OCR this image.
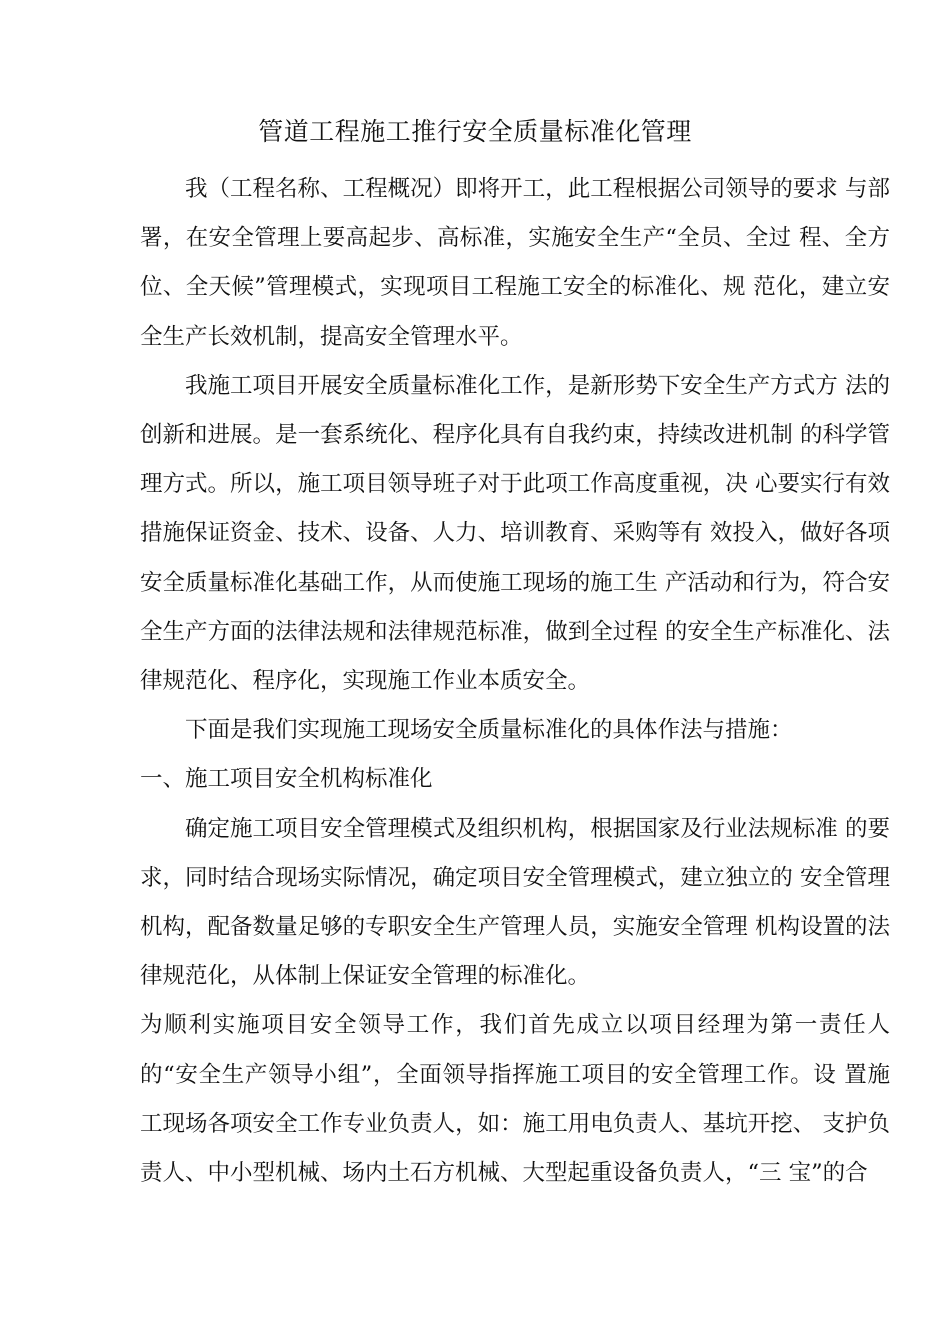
管道工程施工推行安全质量标准化管理

我（工程名称、工程概况）即将开工，此工程根据公司领导的要求 与部署，在安全管理上要高起步、高标准，实施安全生产“全员、全过 程、全方位、全天候”管理模式，实现项目工程施工安全的标准化、规 范化，建立安全生产长效机制，提高安全管理水平。

我施工项目开展安全质量标准化工作，是新形势下安全生产方式方 法的创新和进展。是一套系统化、程序化具有自我约束，持续改进机制 的科学管理方式。所以，施工项目领导班子对于此项工作高度重视，决 心要实行有效措施保证资金、技术、设备、人力、培训教育、采购等有 效投入，做好各项安全质量标准化基础工作，从而使施工现场的施工生 产活动和行为，符合安全生产方面的法律法规和法律规范标准，做到全过程 的安全生产标准化、法律规范化、程序化，实现施工作业本质安全。

下面是我们实现施工现场安全质量标准化的具体作法与措施：

一、施工项目安全机构标准化

确定施工项目安全管理模式及组织机构，根据国家及行业法规标准 的要求，同时结合现场实际情况，确定项目安全管理模式，建立独立的 安全管理机构，配备数量足够的专职安全生产管理人员，实施安全管理 机构设置的法律规范化，从体制上保证安全管理的标准化。

为顺利实施项目安全领导工作，我们首先成立以项目经理为第一责任人的“安全生产领导小组”，全面领导指挥施工项目的安全管理工作。设 置施工现场各项安全工作专业负责人，如：施工用电负责人、基坑开挖、 支护负责人、中小型机械、场内土石方机械、大型起重设备负责人，“三 宝”的合
